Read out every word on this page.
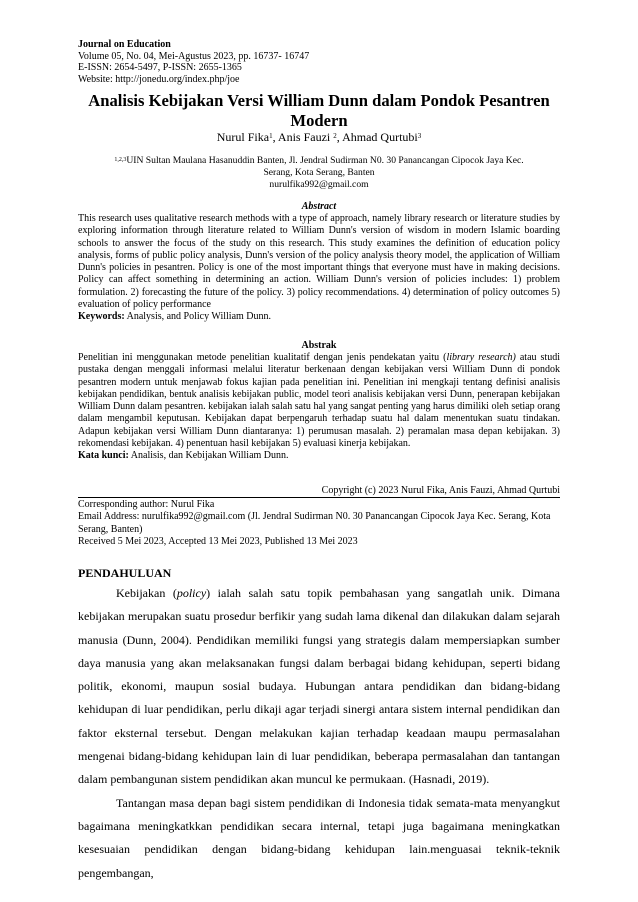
Journal on Education
Volume 05, No. 04, Mei-Agustus 2023, pp. 16737- 16747
E-ISSN: 2654-5497, P-ISSN: 2655-1365
Website: http://jonedu.org/index.php/joe
Analisis Kebijakan Versi William Dunn dalam Pondok Pesantren Modern
Nurul Fika$^1$, Anis Fauzi $^2$, Ahmad Qurtubi$^3$
$^{1,2,3}$UIN Sultan Maulana Hasanuddin Banten, Jl. Jendral Sudirman N0. 30 Panancangan Cipocok Jaya Kec. Serang, Kota Serang, Banten
nurulfika992@gmail.com
Abstract
This research uses qualitative research methods with a type of approach, namely library research or literature studies by exploring information through literature related to William Dunn's version of wisdom in modern Islamic boarding schools to answer the focus of the study on this research. This study examines the definition of education policy analysis, forms of public policy analysis, Dunn's version of the policy analysis theory model, the application of William Dunn's policies in pesantren. Policy is one of the most important things that everyone must have in making decisions. Policy can affect something in determining an action. William Dunn's version of policies includes: 1) problem formulation. 2) forecasting the future of the policy. 3) policy recommendations. 4) determination of policy outcomes 5) evaluation of policy performance
Keywords: Analysis, and Policy William Dunn.
Abstrak
Penelitian ini menggunakan metode penelitian kualitatif dengan jenis pendekatan yaitu (library research) atau studi pustaka dengan menggali informasi melalui literatur berkenaan dengan kebijakan versi William Dunn di pondok pesantren modern untuk menjawab fokus kajian pada penelitian ini. Penelitian ini mengkaji tentang definisi analisis kebijakan pendidikan, bentuk analisis kebijakan public, model teori analisis kebijakan versi Dunn, penerapan kebijakan William Dunn dalam pesantren. kebijakan ialah salah satu hal yang sangat penting yang harus dimiliki oleh setiap orang dalam mengambil keputusan. Kebijakan dapat berpengaruh terhadap suatu hal dalam menentukan suatu tindakan. Adapun kebijakan versi William Dunn diantaranya: 1) perumusan masalah. 2) peramalan masa depan kebijakan. 3) rekomendasi kebijakan. 4) penentuan hasil kebijakan 5) evaluasi kinerja kebijakan.
Kata kunci: Analisis, dan Kebijakan William Dunn.
Copyright (c) 2023 Nurul Fika, Anis Fauzi, Ahmad Qurtubi
Corresponding author: Nurul Fika
Email Address: nurulfika992@gmail.com (Jl. Jendral Sudirman N0. 30 Panancangan Cipocok Jaya Kec. Serang, Kota Serang, Banten)
Received 5 Mei 2023, Accepted 13 Mei 2023, Published 13 Mei 2023
PENDAHULUAN

Kebijakan (policy) ialah salah satu topik pembahasan yang sangatlah unik. Dimana kebijakan merupakan suatu prosedur berfikir yang sudah lama dikenal dan dilakukan dalam sejarah manusia (Dunn, 2004). Pendidikan memiliki fungsi yang strategis dalam mempersiapkan sumber daya manusia yang akan melaksanakan fungsi dalam berbagai bidang kehidupan, seperti bidang politik, ekonomi, maupun sosial budaya. Hubungan antara pendidikan dan bidang-bidang kehidupan di luar pendidikan, perlu dikaji agar terjadi sinergi antara sistem internal pendidikan dan faktor eksternal tersebut. Dengan melakukan kajian terhadap keadaan maupu permasalahan mengenai bidang-bidang kehidupan lain di luar pendidikan, beberapa permasalahan dan tantangan dalam pembangunan sistem pendidikan akan muncul ke permukaan. (Hasnadi, 2019).

Tantangan masa depan bagi sistem pendidikan di Indonesia tidak semata-mata menyangkut bagaimana meningkatkkan pendidikan secara internal, tetapi juga bagaimana meningkatkan kesesuaian pendidikan dengan bidang-bidang kehidupan lain.menguasai teknik-teknik pengembangan,
